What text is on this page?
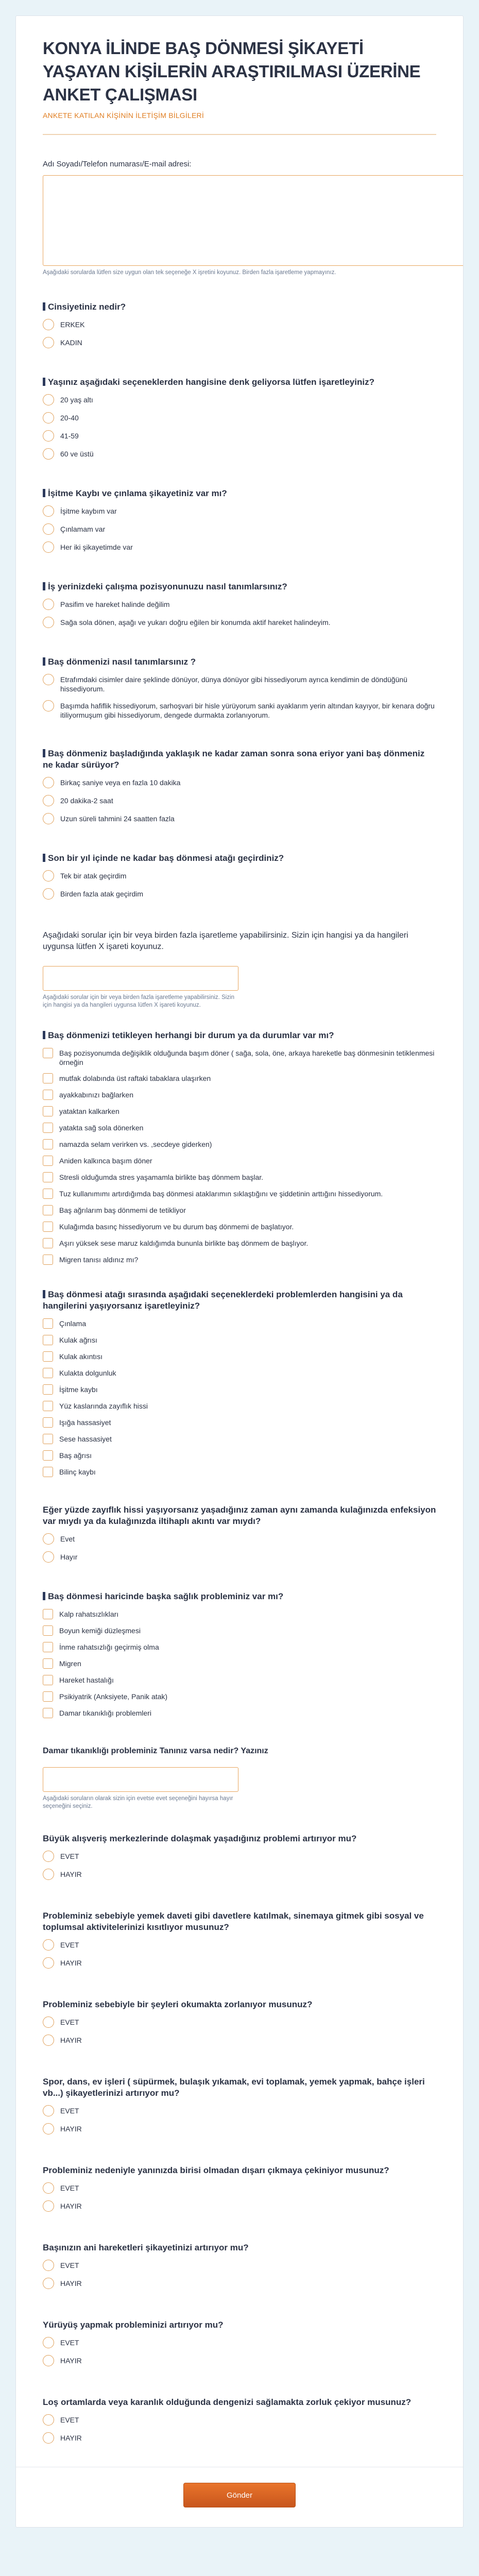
KONYA İLİNDE BAŞ DÖNMESİ ŞİKAYETİ YAŞAYAN KİŞİLERİN ARAŞTIRILMASI ÜZERİNE ANKET ÇALIŞMASI
ANKETE KATILAN KİŞİNİN İLETİŞİM BİLGİLERİ
Adı Soyadı/Telefon numarası/E-mail adresi:
Aşağıdaki sorularda lütfen size uygun olan tek seçeneğe X işretini koyunuz. Birden fazla işaretleme yapmayınız.
Cinsiyetiniz nedir?
ERKEK
KADIN
Yaşınız aşağıdaki seçeneklerden hangisine denk geliyorsa lütfen işaretleyiniz?
20 yaş altı
20-40
41-59
60 ve üstü
İşitme Kaybı ve çınlama şikayetiniz var mı?
İşitme kaybım var
Çınlamam var
Her iki şikayetimde var
İş yerinizdeki çalışma pozisyonunuzu nasıl tanımlarsınız?
Pasifim ve hareket halinde değilim
Sağa sola dönen, aşağı ve yukarı doğru eğilen bir konumda aktif hareket halindeyim.
Baş dönmenizi nasıl tanımlarsınız ?
Etrafımdaki cisimler daire şeklinde dönüyor, dünya dönüyor gibi hissediyorum ayrıca kendimin de döndüğünü hissediyorum.
Başımda hafiflik hissediyorum, sarhoşvari bir hisle yürüyorum sanki ayaklarım yerin altından kayıyor, bir kenara doğru itiliyormuşum gibi hissediyorum, dengede durmakta zorlanıyorum.
Baş dönmeniz başladığında yaklaşık ne kadar zaman sonra sona eriyor yani baş dönmeniz ne kadar sürüyor?
Birkaç saniye veya en fazla 10 dakika
20 dakika-2 saat
Uzun süreli tahmini 24 saatten fazla
Son bir yıl içinde ne kadar baş dönmesi atağı geçirdiniz?
Tek bir atak geçirdim
Birden fazla atak geçirdim
Aşağıdaki sorular için bir veya birden fazla işaretleme yapabilirsiniz. Sizin için hangisi ya da hangileri uygunsa lütfen X işareti koyunuz.
Aşağıdaki sorular için bir veya birden fazla işaretleme yapabilirsiniz. Sizin için hangisi ya da hangileri uygunsa lütfen X işareti koyunuz.
Baş dönmenizi tetikleyen herhangi bir durum ya da durumlar var mı?
Baş pozisyonumda değişiklik olduğunda başım döner ( sağa, sola, öne, arkaya hareketle baş dönmesinin tetiklenmesi örneğin
mutfak dolabında üst raftaki tabaklara ulaşırken
ayakkabınızı bağlarken
yataktan kalkarken
yatakta sağ sola dönerken
namazda selam verirken vs. ,secdeye giderken)
Aniden kalkınca başım döner
Stresli olduğumda stres yaşamamla birlikte baş dönmem başlar.
Tuz kullanımımı artırdığımda baş dönmesi ataklarımın sıklaştığını ve şiddetinin arttığını hissediyorum.
Baş ağrılarım baş dönmemi de tetikliyor
Kulağımda basınç hissediyorum ve bu durum baş dönmemi de başlatıyor.
Aşırı yüksek sese maruz kaldığımda bununla birlikte baş dönmem de başlıyor.
Migren tanısı aldınız mı?
Baş dönmesi atağı sırasında aşağıdaki seçeneklerdeki problemlerden hangisini ya da hangilerini yaşıyorsanız işaretleyiniz?
Çınlama
Kulak ağrısı
Kulak akıntısı
Kulakta dolgunluk
İşitme kaybı
Yüz kaslarında zayıflık hissi
Işığa hassasiyet
Sese hassasiyet
Baş ağrısı
Bilinç kaybı
Eğer yüzde zayıflık hissi yaşıyorsanız yaşadığınız zaman aynı zamanda kulağınızda enfeksiyon var mıydı ya da kulağınızda iltihaplı akıntı var mıydı?
Evet
Hayır
Baş dönmesi haricinde başka sağlık probleminiz var mı?
Kalp rahatsızlıkları
Boyun kemiği düzleşmesi
İnme rahatsızlığı geçirmiş olma
Migren
Hareket hastalığı
Psikiyatrik (Anksiyete, Panik atak)
Damar tıkanıklığı problemleri
Damar tıkanıklığı probleminiz Tanınız varsa nedir? Yazınız
Aşağıdaki soruların olarak sizin için evetse evet seçeneğini hayırsa hayır seçeneğini seçiniz.
Büyük alışveriş merkezlerinde dolaşmak yaşadığınız problemi artırıyor mu?
EVET
HAYIR
Probleminiz sebebiyle yemek daveti gibi davetlere katılmak, sinemaya gitmek gibi sosyal ve toplumsal aktivitelerinizi kısıtlıyor musunuz?
EVET
HAYIR
Probleminiz sebebiyle bir şeyleri okumakta zorlanıyor musunuz?
EVET
HAYIR
Spor, dans, ev işleri ( süpürmek, bulaşık yıkamak, evi toplamak, yemek yapmak, bahçe işleri vb...) şikayetlerinizi artırıyor mu?
EVET
HAYIR
Probleminiz nedeniyle yanınızda birisi olmadan dışarı çıkmaya çekiniyor musunuz?
EVET
HAYIR
Başınızın ani hareketleri şikayetinizi artırıyor mu?
EVET
HAYIR
Yürüyüş yapmak probleminizi artırıyor mu?
EVET
HAYIR
Loş ortamlarda veya karanlık olduğunda dengenizi sağlamakta zorluk çekiyor musunuz?
EVET
HAYIR
Gönder
